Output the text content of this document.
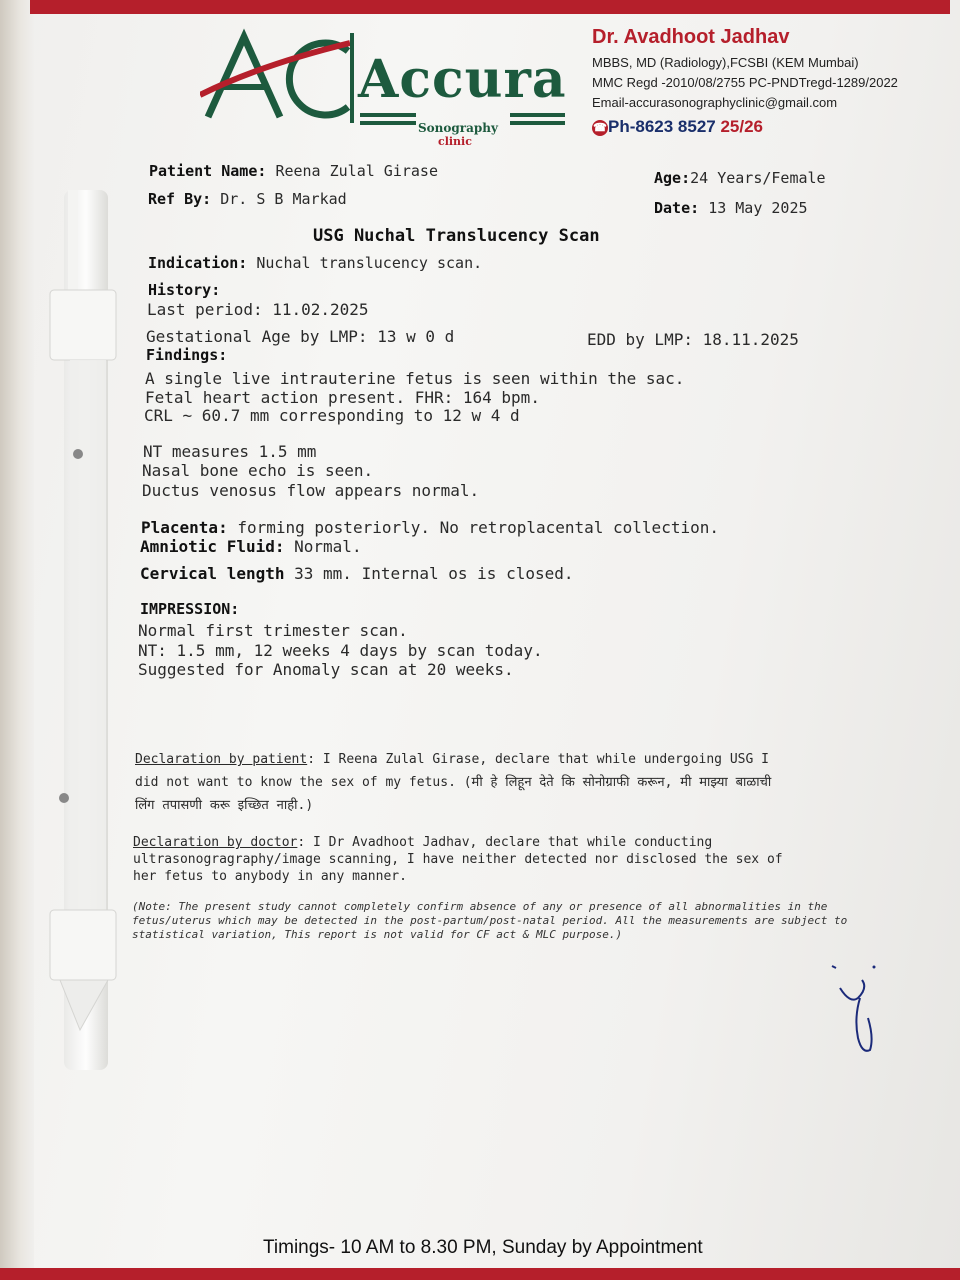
Accura
Sonography
clinic
Dr. Avadhoot Jadhav
MBBS, MD (Radiology),FCSBI (KEM Mumbai)
MMC Regd -2010/08/2755 PC-PNDTregd-1289/2022
Email-accurasonographyclinic@gmail.com
☎Ph-8623 8527 25/26
Patient Name: Reena Zulal Girase	Age:24 Years/Female
Ref By: Dr. S B Markad	Date: 13 May 2025
USG Nuchal Translucency Scan
Indication: Nuchal translucency scan.
History:
Last period: 11.02.2025
Gestational Age by LMP: 13 w 0 d	EDD by LMP: 18.11.2025
Findings:
A single live intrauterine fetus is seen within the sac.
Fetal heart action present. FHR: 164 bpm.
CRL ~ 60.7 mm corresponding to 12 w 4 d
NT measures 1.5 mm
Nasal bone echo is seen.
Ductus venosus flow appears normal.
Placenta: forming posteriorly. No retroplacental collection.
Amniotic Fluid: Normal.
Cervical length 33 mm. Internal os is closed.
IMPRESSION:
Normal first trimester scan.
NT: 1.5 mm, 12 weeks 4 days by scan today.
Suggested for Anomaly scan at 20 weeks.
Declaration by patient: I Reena Zulal Girase, declare that while undergoing USG I
did not want to know the sex of my fetus. (मी हे लिहून देते कि सोनोग्राफी करून, मी माझ्या बाळाची
लिंग तपासणी करू इच्छित नाही.)
Declaration by doctor: I Dr Avadhoot Jadhav, declare that while conducting
ultrasonogragraphy/image scanning, I have neither detected nor disclosed the sex of
her fetus to anybody in any manner.
(Note: The present study cannot completely confirm absence of any or presence of all abnormalities in the fetus/uterus which may be detected in the post-partum/post-natal period. All the measurements are subject to statistical variation, This report is not valid for CF act & MLC purpose.)
Timings- 10 AM to 8.30 PM, Sunday by Appointment
